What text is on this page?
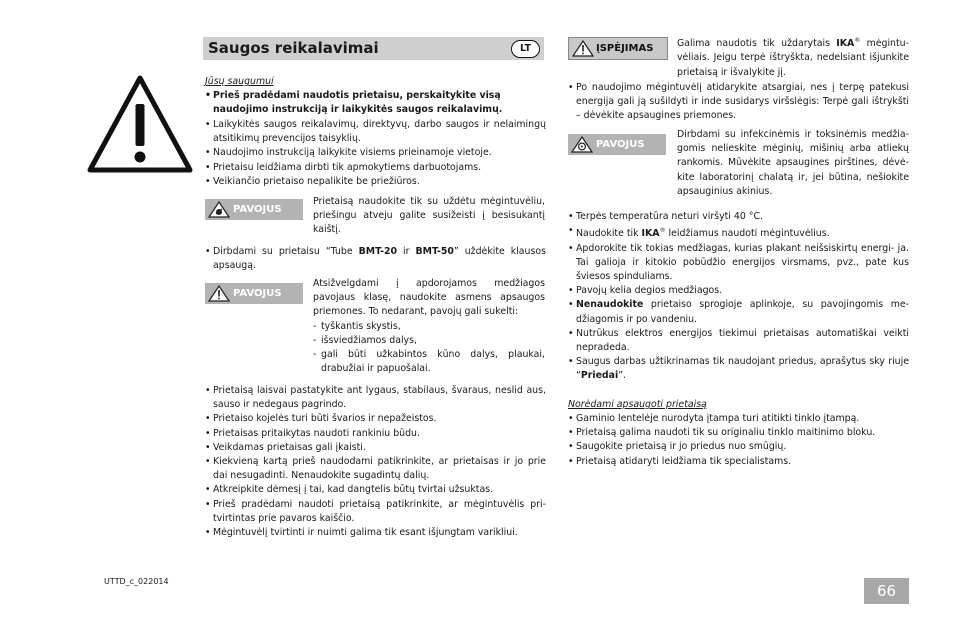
Saugos reikalavimai	LT
Jūsų saugumui
• Prieš pradėdami naudotis prietaisu, perskaitykite visą naudojimo instrukciją ir laikykitės saugos reikalavimų.
• Laikykitės saugos reikalavimų, direktyvų, darbo saugos ir nelaimingų atsitikimų prevencijos taisyklių.
• Naudojimo instrukciją laikykite visiems prieinamoje vietoje.
• Prietaisu leidžiama dirbti tik apmokytiems darbuotojams.
• Veikiančio prietaiso nepalikite be priežiūros.
PAVOJUS
Prietaisą naudokite tik su uždėtu mėgintuvėliu, priešingu atveju galite susižeisti į besisukantį kaištį.
• Dirbdami su prietaisu “Tube BMT-20 ir BMT-50” uždėkite klausos apsaugą.
PAVOJUS
Atsižvelgdami į apdorojamos medžiagos pavojaus klasę, naudokite asmens apsaugos priemones. To nedarant, pavojų gali sukelti:
- tyškantis skystis,
- išsviedžiamos dalys,
- gali būti užkabintos kūno dalys, plaukai, drabužiai ir papuošalai.
• Prietaisą laisvai pastatykite ant lygaus, stabilaus, švaraus, neslid aus, sauso ir nedegaus pagrindo.
• Prietaiso kojelės turi būti švarios ir nepažeistos.
• Prietaisas pritaikytas naudoti rankiniu būdu.
• Veikdamas prietaisas gali įkaisti.
• Kiekvieną kartą prieš naudodami patikrinkite, ar prietaisas ir jo prie dai nesugadinti. Nenaudokite sugadintų dalių.
• Atkreipkite dėmesį į tai, kad dangtelis būtų tvirtai užsuktas.
• Prieš pradėdami naudoti prietaisą patikrinkite, ar mėgintuvėlis pri- tvirtintas prie pavaros kaiščio.
• Mėgintuvėlį tvirtinti ir nuimti galima tik esant išjungtam varikliui.
ĮSPĖJIMAS	Galima naudotis tik uždarytais IKA® mėgintu- vėliais. Jeigu terpė ištryškta, nedelsiant išjunkite prietaisą ir išvalykite jį.
• Po naudojimo mėgintuvėlį atidarykite atsargiai, nes į terpę patekusi energija gali ją sušildyti ir inde susidarys viršslėgis: Terpė gali ištrykšti – dėvėkite apsaugines priemones.
PAVOJUS
Dirbdami su infekcinėmis ir toksinėmis medžia- gomis nelieskite mėginių, mišinių arba atliekų rankomis. Mūvėkite apsaugines pirštines, dėvė- kite laboratorinį chalatą ir, jei būtina, nešiokite apsauginius akinius.
• Terpės temperatūra neturi viršyti 40 °C.
• Naudokite tik IKA® leidžiamus naudoti mėgintuvėlius.
• Apdorokite tik tokias medžiagas, kurias plakant neišsiskirtų energi- ja. Tai galioja ir kitokio pobūdžio energijos virsmams, pvz., pate kus šviesos spinduliams.
• Pavojų kelia degios medžiagos.
• Nenaudokite prietaiso sprogioje aplinkoje, su pavojingomis me- džiagomis ir po vandeniu.
• Nutrūkus elektros energijos tiekimui prietaisas automatiškai veikti nepradeda.
• Saugus darbas užtikrinamas tik naudojant priedus, aprašytus sky riuje “Priedai”.
Norėdami apsaugoti prietaisą
• Gaminio lentelėje nurodyta įtampa turi atitikti tinklo įtampą.
• Prietaisą galima naudoti tik su originaliu tinklo maitinimo bloku.
• Saugokite prietaisą ir jo priedus nuo smūgių.
• Prietaisą atidaryti leidžiama tik specialistams.
UTTD_c_022014
66
